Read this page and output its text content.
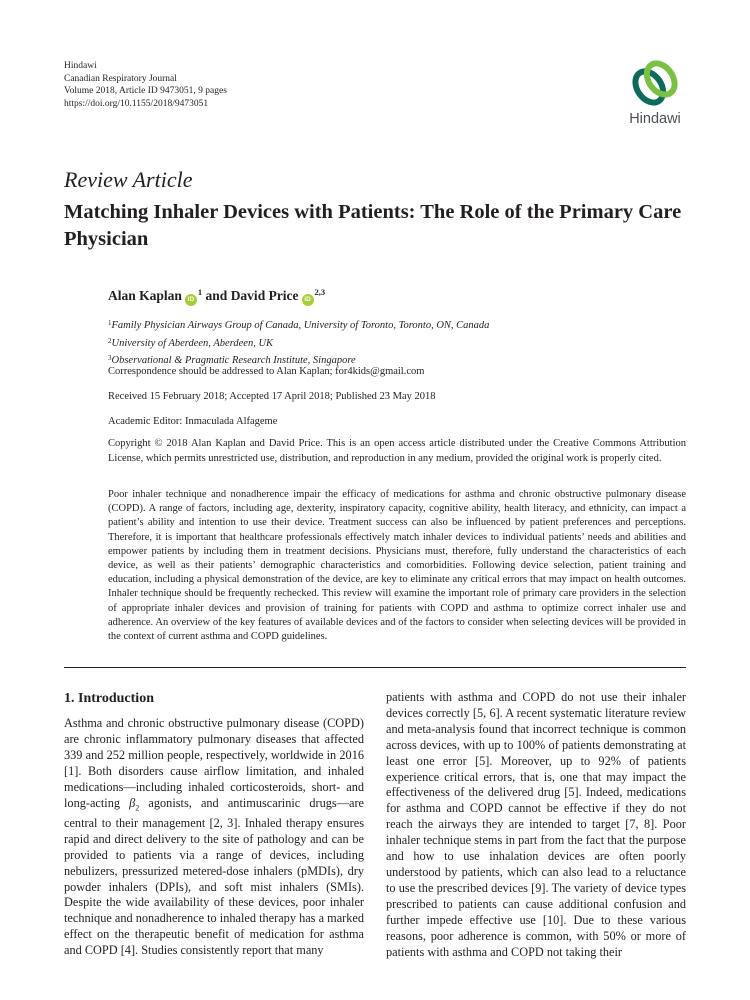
Hindawi
Canadian Respiratory Journal
Volume 2018, Article ID 9473051, 9 pages
https://doi.org/10.1155/2018/9473051
Hindawi
Review Article
Matching Inhaler Devices with Patients: The Role of the Primary Care Physician
Alan Kaplan $iD^1$ and David Price iD$^{2,3}$
$^1$Family Physician Airways Group of Canada, University of Toronto, Toronto, ON, Canada
$^2$University of Aberdeen, Aberdeen, UK
$^3$Observational & Pragmatic Research Institute, Singapore
Correspondence should be addressed to Alan Kaplan; for4kids@gmail.com
Received 15 February 2018; Accepted 17 April 2018; Published 23 May 2018
Academic Editor: Inmaculada Alfageme
Copyright © 2018 Alan Kaplan and David Price. This is an open access article distributed under the Creative Commons Attribution License, which permits unrestricted use, distribution, and reproduction in any medium, provided the original work is properly cited.
Poor inhaler technique and nonadherence impair the efficacy of medications for asthma and chronic obstructive pulmonary disease (COPD). A range of factors, including age, dexterity, inspiratory capacity, cognitive ability, health literacy, and ethnicity, can impact a patient’s ability and intention to use their device. Treatment success can also be influenced by patient preferences and perceptions. Therefore, it is important that healthcare professionals effectively match inhaler devices to individual patients’ needs and abilities and empower patients by including them in treatment decisions. Physicians must, therefore, fully understand the characteristics of each device, as well as their patients’ demographic characteristics and comorbidities. Following device selection, patient training and education, including a physical demonstration of the device, are key to eliminate any critical errors that may impact on health outcomes. Inhaler technique should be frequently rechecked. This review will examine the important role of primary care providers in the selection of appropriate inhaler devices and provision of training for patients with COPD and asthma to optimize correct inhaler use and adherence. An overview of the key features of available devices and of the factors to consider when selecting devices will be provided in the context of current asthma and COPD guidelines.
1. Introduction

Asthma and chronic obstructive pulmonary disease (COPD) are chronic inflammatory pulmonary diseases that affected 339 and 252 million people, respectively, worldwide in 2016 [1]. Both disorders cause airflow limitation, and inhaled medications—including inhaled corticosteroids, short- and long-acting $\beta_2$ agonists, and antimuscarinic drugs—are central to their management [2, 3]. Inhaled therapy ensures rapid and direct delivery to the site of pathology and can be provided to patients via a range of devices, including nebulizers, pressurized metered-dose inhalers (pMDIs), dry powder inhalers (DPIs), and soft mist inhalers (SMIs). Despite the wide availability of these devices, poor inhaler technique and nonadherence to inhaled therapy has a marked effect on the therapeutic benefit of medication for asthma and COPD [4]. Studies consistently report that many

patients with asthma and COPD do not use their inhaler devices correctly [5, 6]. A recent systematic literature review and meta-analysis found that incorrect technique is common across devices, with up to 100% of patients demonstrating at least one error [5]. Moreover, up to 92% of patients experience critical errors, that is, one that may impact the effectiveness of the delivered drug [5]. Indeed, medications for asthma and COPD cannot be effective if they do not reach the airways they are intended to target [7, 8]. Poor inhaler technique stems in part from the fact that the purpose and how to use inhalation devices are often poorly understood by patients, which can also lead to a reluctance to use the prescribed devices [9]. The variety of device types prescribed to patients can cause additional confusion and further impede effective use [10]. Due to these various reasons, poor adherence is common, with 50% or more of patients with asthma and COPD not taking their
